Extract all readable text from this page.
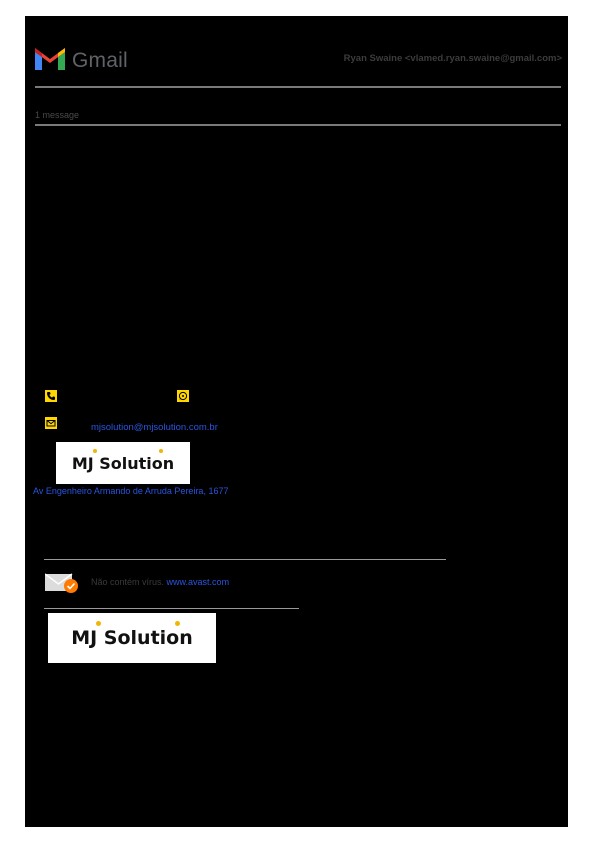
Gmail	Ryan Swaine <vlamed.ryan.swaine@gmail.com>
1 message
mjsolution@mjsolution.com.br
MJ Solution
Av Engenheiro Armando de Arruda Pereira, 1677
Não contém vírus. www.avast.com
MJ Solution
